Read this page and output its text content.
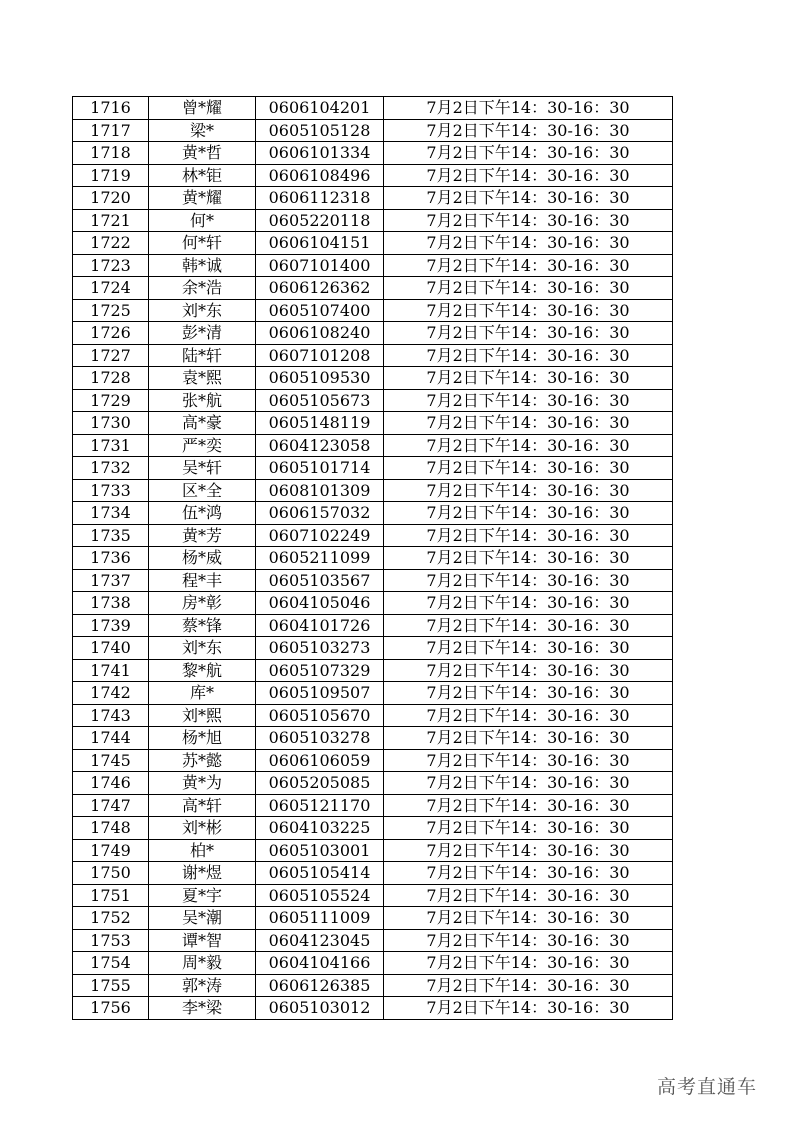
1716	曾*耀	0606104201	7月2日下午14：30-16：30
1717	梁*	0605105128	7月2日下午14：30-16：30
1718	黄*哲	0606101334	7月2日下午14：30-16：30
1719	林*钜	0606108496	7月2日下午14：30-16：30
1720	黄*耀	0606112318	7月2日下午14：30-16：30
1721	何*	0605220118	7月2日下午14：30-16：30
1722	何*轩	0606104151	7月2日下午14：30-16：30
1723	韩*诚	0607101400	7月2日下午14：30-16：30
1724	余*浩	0606126362	7月2日下午14：30-16：30
1725	刘*东	0605107400	7月2日下午14：30-16：30
1726	彭*清	0606108240	7月2日下午14：30-16：30
1727	陆*轩	0607101208	7月2日下午14：30-16：30
1728	袁*熙	0605109530	7月2日下午14：30-16：30
1729	张*航	0605105673	7月2日下午14：30-16：30
1730	高*豪	0605148119	7月2日下午14：30-16：30
1731	严*奕	0604123058	7月2日下午14：30-16：30
1732	吴*轩	0605101714	7月2日下午14：30-16：30
1733	区*全	0608101309	7月2日下午14：30-16：30
1734	伍*鸿	0606157032	7月2日下午14：30-16：30
1735	黄*芳	0607102249	7月2日下午14：30-16：30
1736	杨*威	0605211099	7月2日下午14：30-16：30
1737	程*丰	0605103567	7月2日下午14：30-16：30
1738	房*彰	0604105046	7月2日下午14：30-16：30
1739	蔡*锋	0604101726	7月2日下午14：30-16：30
1740	刘*东	0605103273	7月2日下午14：30-16：30
1741	黎*航	0605107329	7月2日下午14：30-16：30
1742	库*	0605109507	7月2日下午14：30-16：30
1743	刘*熙	0605105670	7月2日下午14：30-16：30
1744	杨*旭	0605103278	7月2日下午14：30-16：30
1745	苏*懿	0606106059	7月2日下午14：30-16：30
1746	黄*为	0605205085	7月2日下午14：30-16：30
1747	高*轩	0605121170	7月2日下午14：30-16：30
1748	刘*彬	0604103225	7月2日下午14：30-16：30
1749	柏*	0605103001	7月2日下午14：30-16：30
1750	谢*煜	0605105414	7月2日下午14：30-16：30
1751	夏*宇	0605105524	7月2日下午14：30-16：30
1752	吴*潮	0605111009	7月2日下午14：30-16：30
1753	谭*智	0604123045	7月2日下午14：30-16：30
1754	周*毅	0604104166	7月2日下午14：30-16：30
1755	郭*涛	0606126385	7月2日下午14：30-16：30
1756	李*梁	0605103012	7月2日下午14：30-16：30
高考直通车
